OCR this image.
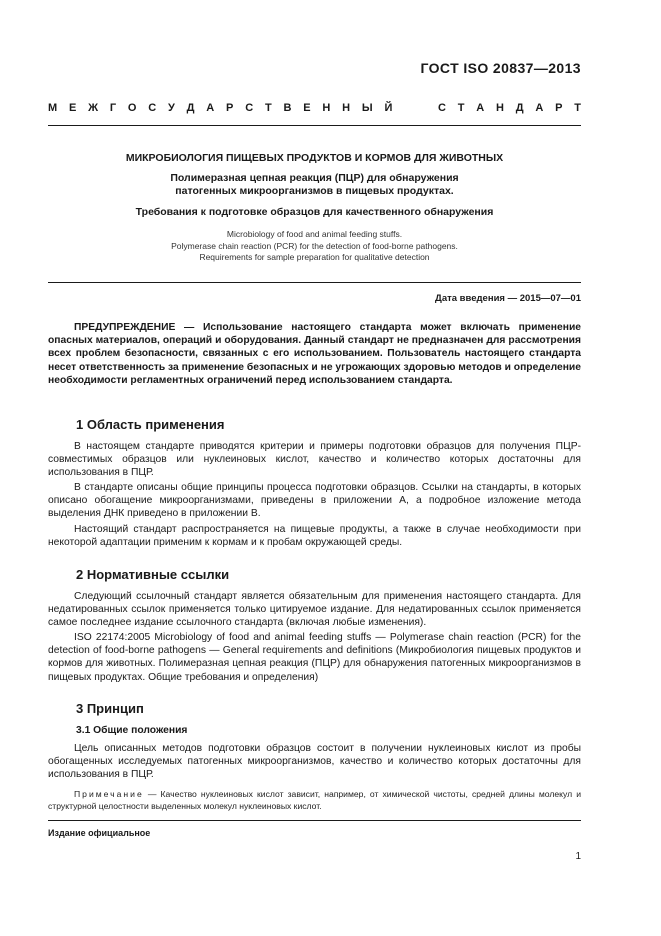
ГОСТ ISO 20837—2013
М Е Ж Г О С У Д А Р С Т В Е Н Н Ы Й	С Т А Н Д А Р Т
МИКРОБИОЛОГИЯ ПИЩЕВЫХ ПРОДУКТОВ И КОРМОВ ДЛЯ ЖИВОТНЫХ
Полимеразная цепная реакция (ПЦР) для обнаружения
патогенных микроорганизмов в пищевых продуктах.
Требования к подготовке образцов для качественного обнаружения
Microbiology of food and animal feeding stuffs.
Polymerase chain reaction (PCR) for the detection of food-borne pathogens.
Requirements for sample preparation for qualitative detection
Дата введения — 2015—07—01
ПРЕДУПРЕЖДЕНИЕ — Использование настоящего стандарта может включать применение опасных материалов, операций и оборудования. Данный стандарт не предназначен для рассмотрения всех проблем безопасности, связанных с его использованием. Пользователь настоящего стандарта несет ответственность за применение безопасных и не угрожающих здоровью методов и определение необходимости регламентных ограничений перед использованием стандарта.
1 Область применения
В настоящем стандарте приводятся критерии и примеры подготовки образцов для получения ПЦР-совместимых образцов или нуклеиновых кислот, качество и количество которых достаточны для использования в ПЦР.
В стандарте описаны общие принципы процесса подготовки образцов. Ссылки на стандарты, в которых описано обогащение микроорганизмами, приведены в приложении А, а подробное изложение метода выделения ДНК приведено в приложении В.
Настоящий стандарт распространяется на пищевые продукты, а также в случае необходимости при некоторой адаптации применим к кормам и к пробам окружающей среды.
2 Нормативные ссылки
Следующий ссылочный стандарт является обязательным для применения настоящего стандарта. Для недатированных ссылок применяется только цитируемое издание. Для недатированных ссылок применяется самое последнее издание ссылочного стандарта (включая любые изменения).
ISO 22174:2005 Microbiology of food and animal feeding stuffs — Polymerase chain reaction (PCR) for the detection of food-borne pathogens — General requirements and definitions (Микробиология пищевых продуктов и кормов для животных. Полимеразная цепная реакция (ПЦР) для обнаружения патогенных микроорганизмов в пищевых продуктах. Общие требования и определения)
3 Принцип
3.1 Общие положения
Цель описанных методов подготовки образцов состоит в получении нуклеиновых кислот из пробы обогащенных исследуемых патогенных микроорганизмов, качество и количество которых достаточны для использования в ПЦР.
Примечание — Качество нуклеиновых кислот зависит, например, от химической чистоты, средней длины молекул и структурной целостности выделенных молекул нуклеиновых кислот.
Издание официальное
1
